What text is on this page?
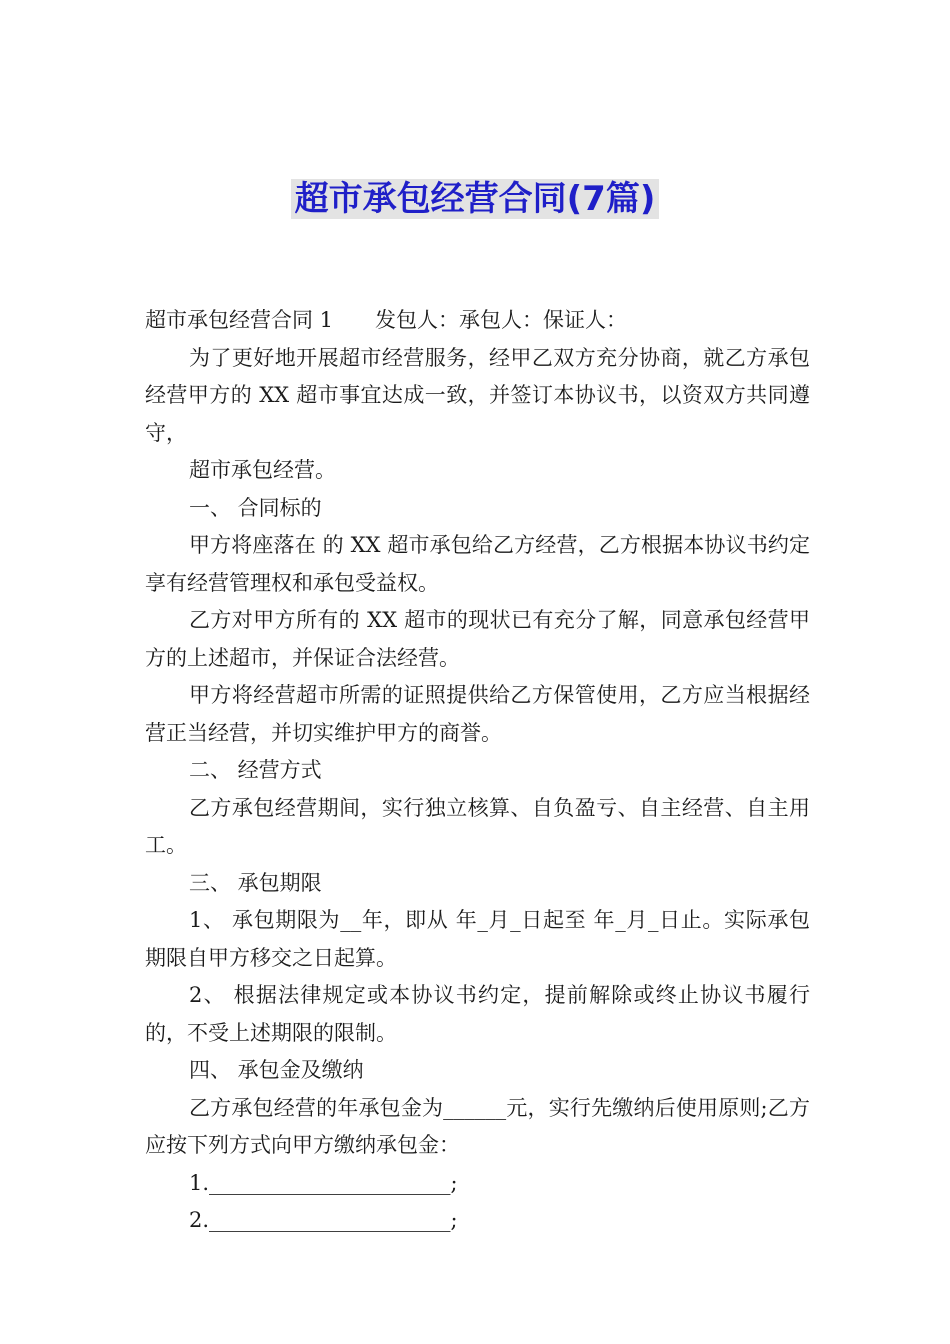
超市承包经营合同(7篇)

超市承包经营合同 1 发包人：承包人：保证人：

为了更好地开展超市经营服务，经甲乙双方充分协商，就乙方承包经营甲方的 XX 超市事宜达成一致，并签订本协议书，以资双方共同遵守，

超市承包经营。

一、 合同标的

甲方将座落在 的 XX 超市承包给乙方经营，乙方根据本协议书约定享有经营管理权和承包受益权。

乙方对甲方所有的 XX 超市的现状已有充分了解，同意承包经营甲方的上述超市，并保证合法经营。

甲方将经营超市所需的证照提供给乙方保管使用，乙方应当根据经营正当经营，并切实维护甲方的商誉。

二、 经营方式

乙方承包经营期间，实行独立核算、自负盈亏、自主经营、自主用工。

三、 承包期限

1、 承包期限为__年，即从 年_月_日起至 年_月_日止。实际承包期限自甲方移交之日起算。

2、 根据法律规定或本协议书约定，提前解除或终止协议书履行的，不受上述期限的限制。

四、 承包金及缴纳

乙方承包经营的年承包金为______元，实行先缴纳后使用原则;乙方应按下列方式向甲方缴纳承包金：

1._______________________;

2._______________________;
